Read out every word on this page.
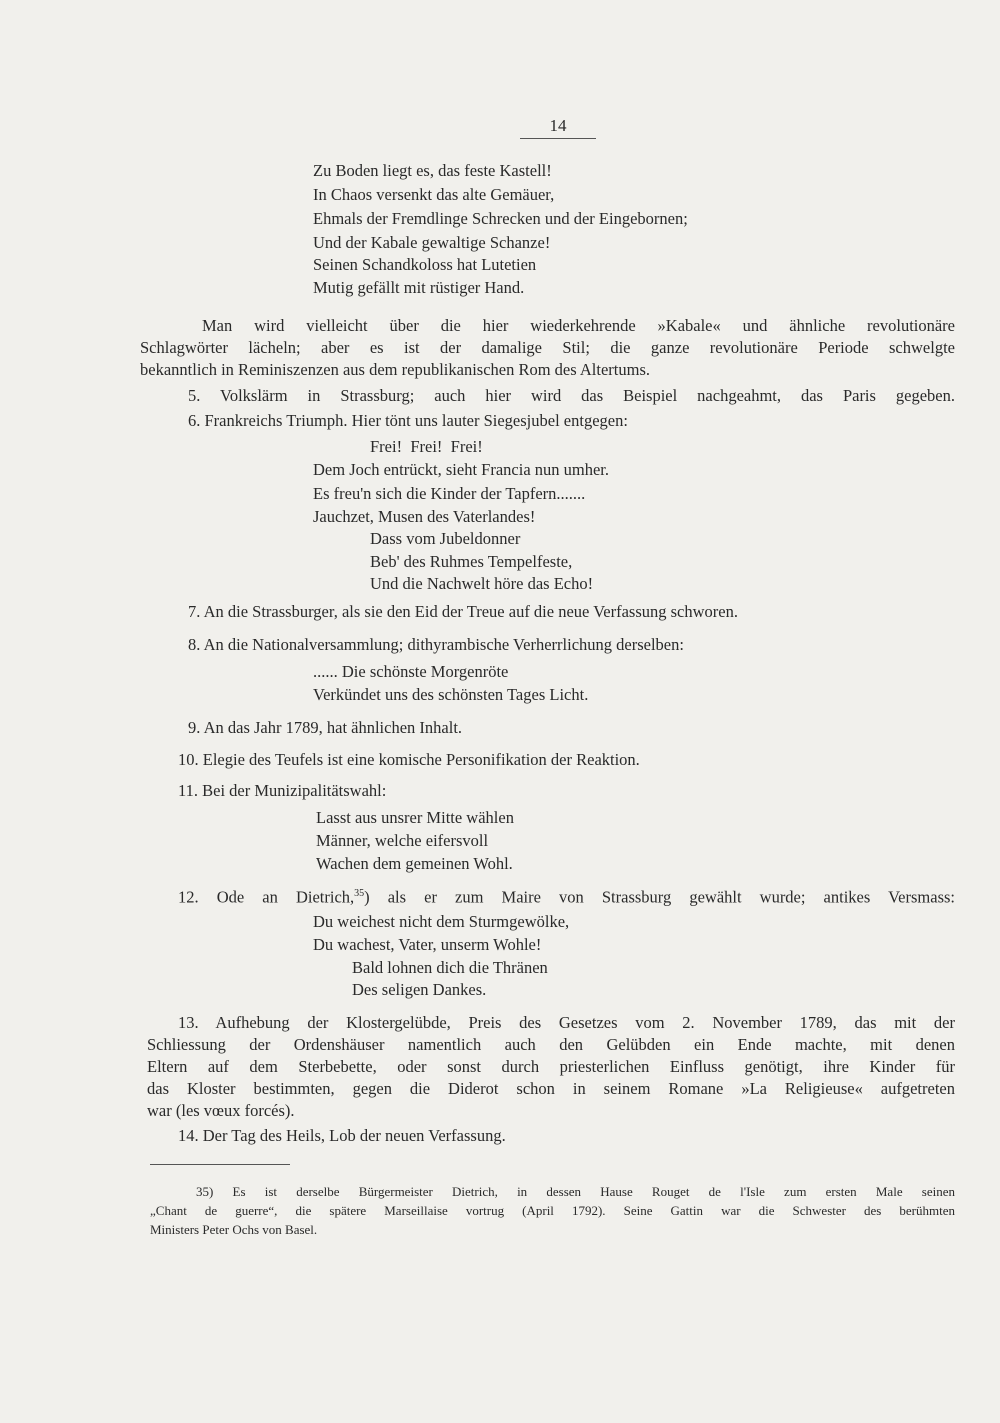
14
Zu Boden liegt es, das feste Kastell!
In Chaos versenkt das alte Gemäuer,
Ehmals der Fremdlinge Schrecken und der Eingebornen;
Und der Kabale gewaltige Schanze!
Seinen Schandkoloss hat Lutetien
Mutig gefällt mit rüstiger Hand.
Man wird vielleicht über die hier wiederkehrende »Kabale« und ähnliche revolutionäre
Schlagwörter lächeln; aber es ist der damalige Stil; die ganze revolutionäre Periode schwelgte
bekanntlich in Reminiszenzen aus dem republikanischen Rom des Altertums.
5. Volkslärm in Strassburg; auch hier wird das Beispiel nachgeahmt, das Paris gegeben.
6. Frankreichs Triumph. Hier tönt uns lauter Siegesjubel entgegen:
Frei!  Frei!  Frei!
Dem Joch entrückt, sieht Francia nun umher.
Es freu'n sich die Kinder der Tapfern.......
Jauchzet, Musen des Vaterlandes!
Dass vom Jubeldonner
Beb' des Ruhmes Tempelfeste,
Und die Nachwelt höre das Echo!
7. An die Strassburger, als sie den Eid der Treue auf die neue Verfassung schworen.
8. An die Nationalversammlung; dithyrambische Verherrlichung derselben:
...... Die schönste Morgenröte
Verkündet uns des schönsten Tages Licht.
9. An das Jahr 1789, hat ähnlichen Inhalt.
10. Elegie des Teufels ist eine komische Personifikation der Reaktion.
11. Bei der Munizipalitätswahl:
Lasst aus unsrer Mitte wählen
Männer, welche eifersvoll
Wachen dem gemeinen Wohl.
12. Ode an Dietrich,$^{35}$) als er zum Maire von Strassburg gewählt wurde; antikes Versmass:
Du weichest nicht dem Sturmgewölke,
Du wachest, Vater, unserm Wohle!
Bald lohnen dich die Thränen
Des seligen Dankes.
13. Aufhebung der Klostergelübde, Preis des Gesetzes vom 2. November 1789, das mit der
Schliessung der Ordenshäuser namentlich auch den Gelübden ein Ende machte, mit denen
Eltern auf dem Sterbebette, oder sonst durch priesterlichen Einfluss genötigt, ihre Kinder für
das Kloster bestimmten, gegen die Diderot schon in seinem Romane »La Religieuse« aufgetreten
war (les vœux forcés).
14. Der Tag des Heils, Lob der neuen Verfassung.
35) Es ist derselbe Bürgermeister Dietrich, in dessen Hause Rouget de l'Isle zum ersten Male seinen
„Chant de guerre“, die spätere Marseillaise vortrug (April 1792). Seine Gattin war die Schwester des berühmten
Ministers Peter Ochs von Basel.
